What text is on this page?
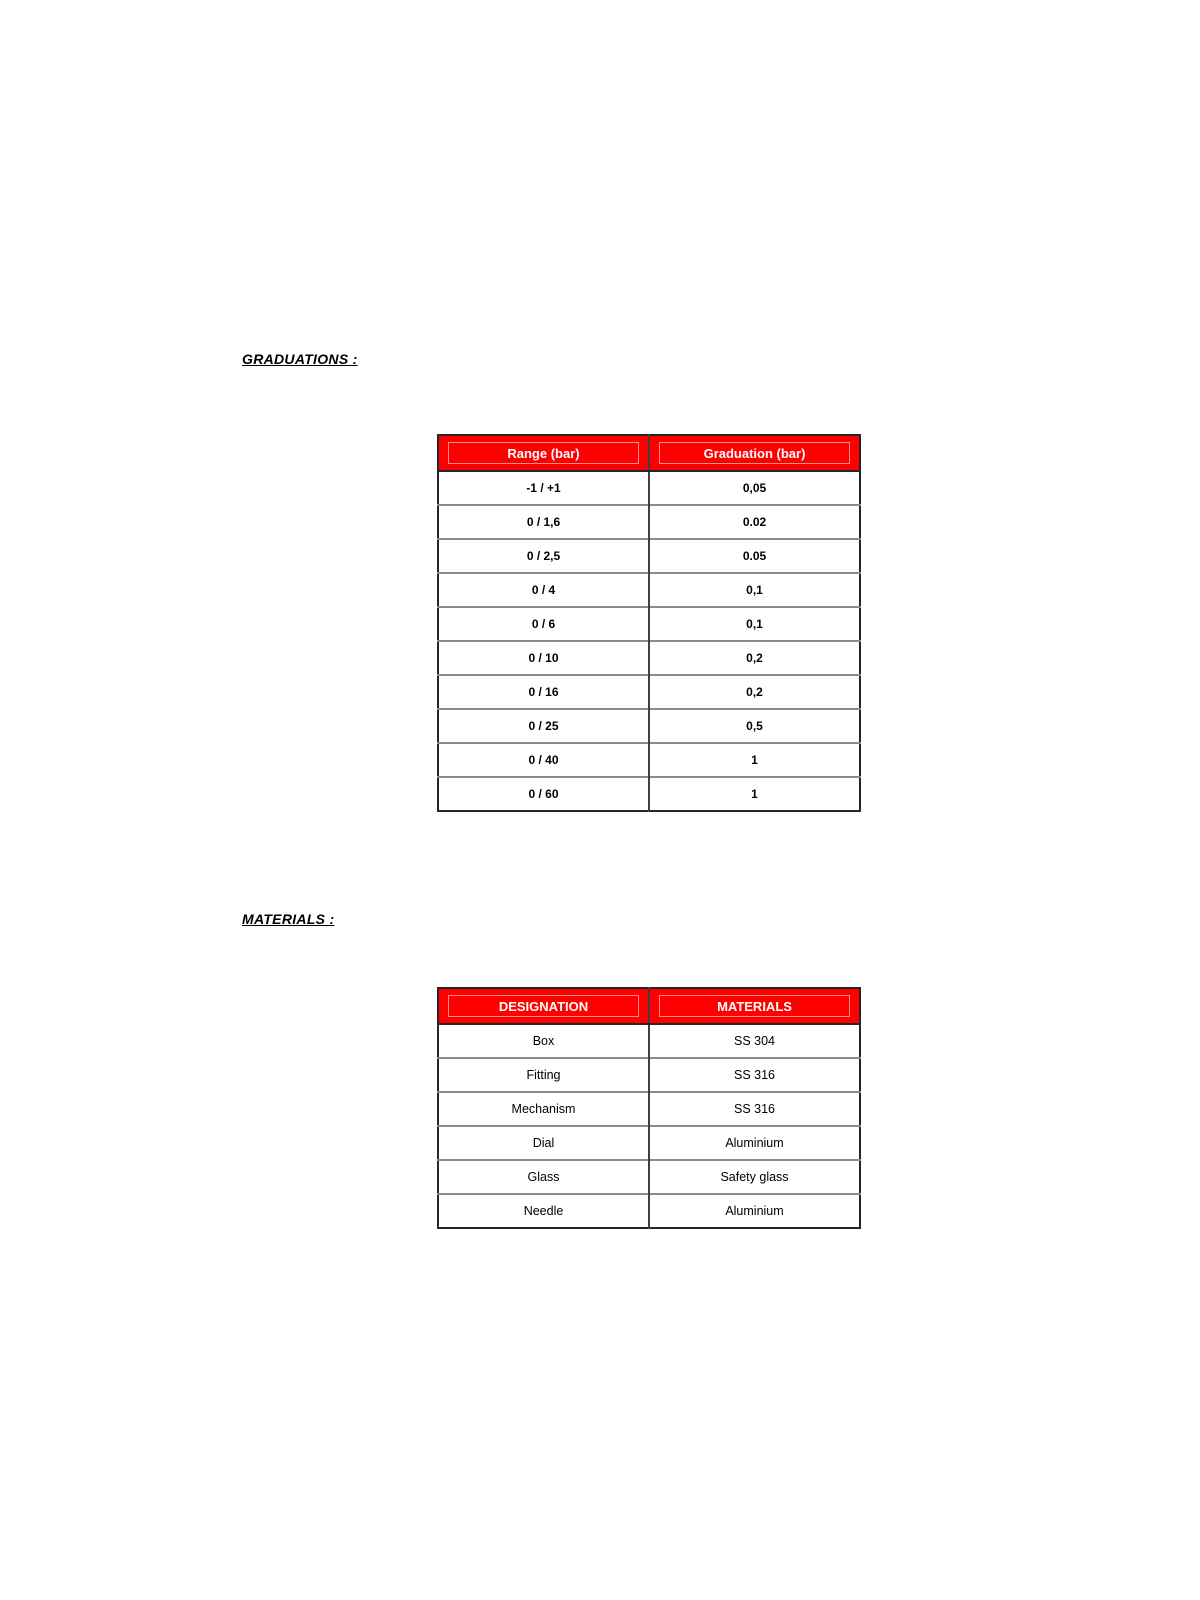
GRADUATIONS :
Range (bar)	Graduation (bar)

-1 / +1	0,05
0 / 1,6	0.02
0 / 2,5	0.05
0 / 4	0,1
0 / 6	0,1
0 / 10	0,2
0 / 16	0,2
0 / 25	0,5
0 / 40	1
0 / 60	1
MATERIALS :
DESIGNATION	MATERIALS

Box	SS 304
Fitting	SS 316
Mechanism	SS 316
Dial	Aluminium
Glass	Safety glass
Needle	Aluminium
